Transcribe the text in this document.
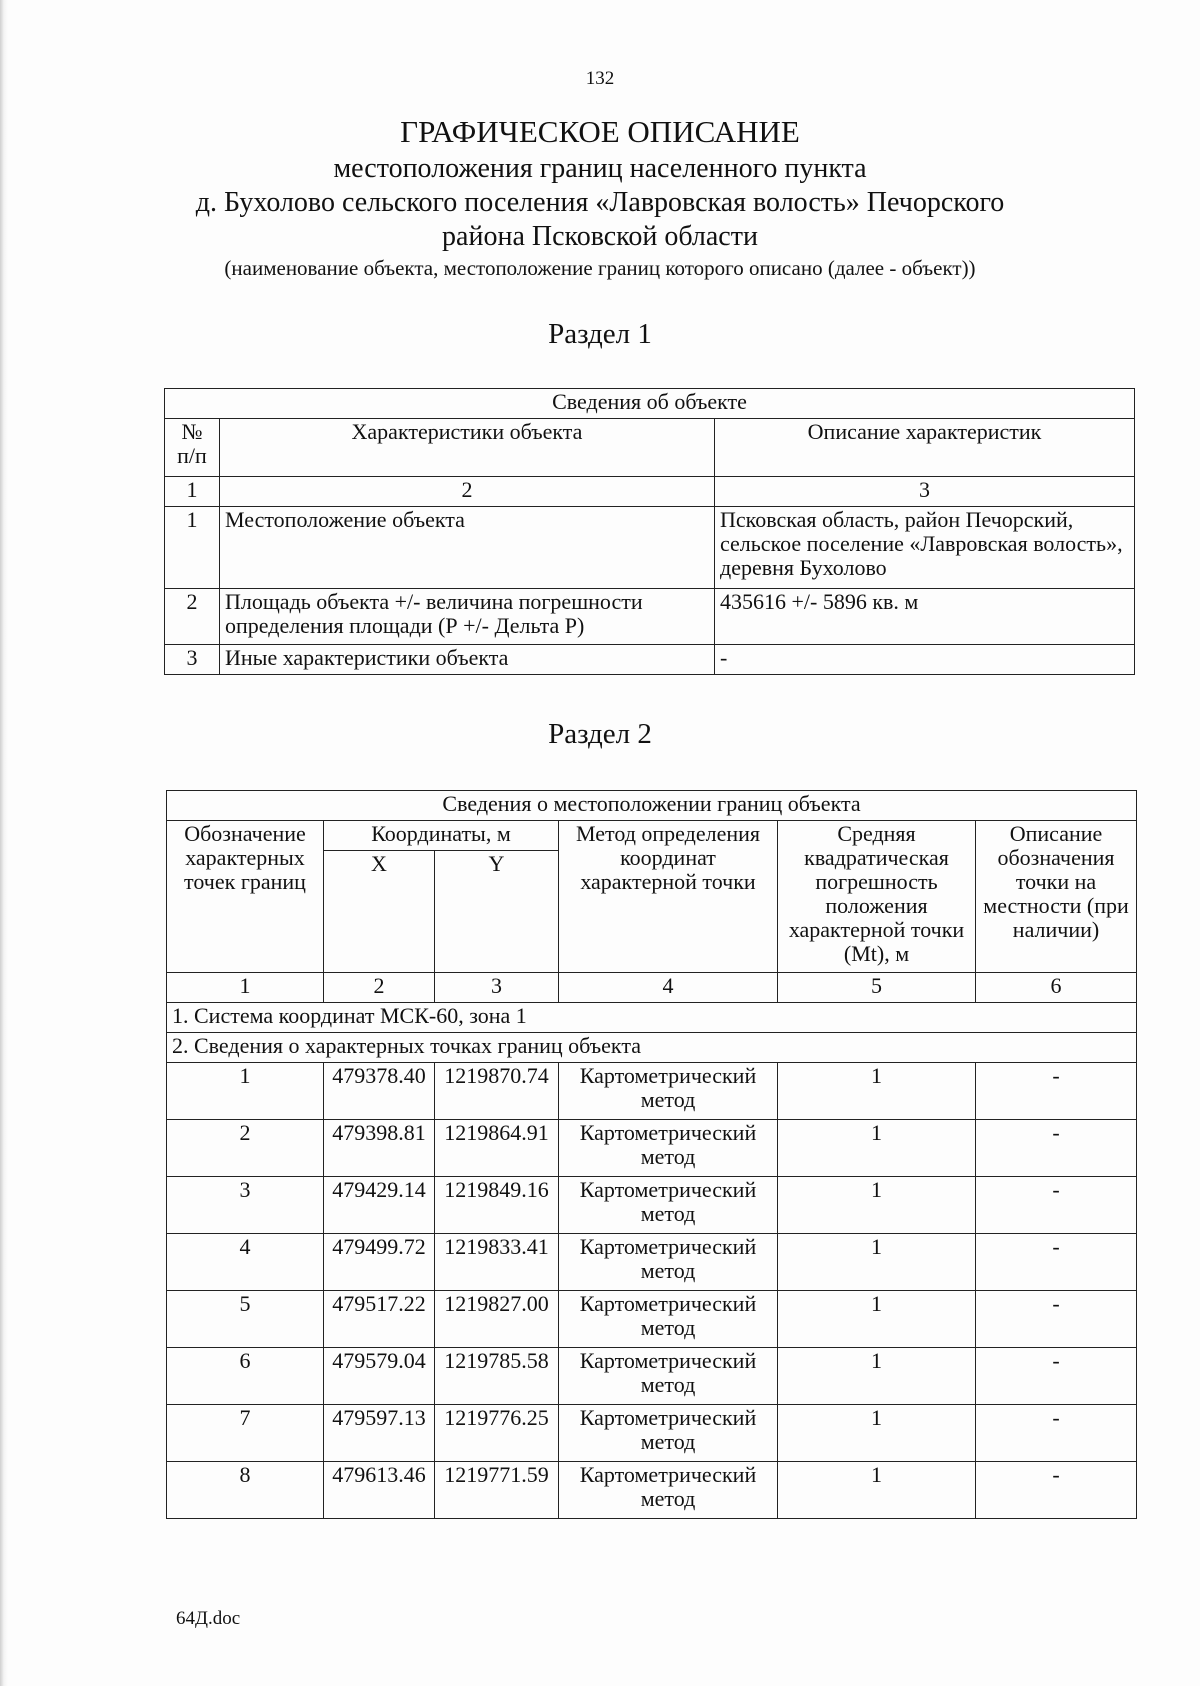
132
ГРАФИЧЕСКОЕ ОПИСАНИЕ
местоположения границ населенного пункта
д. Бухолово сельского поселения «Лавровская волость» Печорского
района Псковской области
(наименование объекта, местоположение границ которого описано (далее - объект))
Раздел 1
Сведения об объекте		
№ п/п	Характеристики объекта	Описание характеристик
1	2	3
1	Местоположение объекта	Псковская область, район Печорский, сельское поселение «Лавровская волость», деревня Бухолово
2	Площадь объекта +/- величина погрешности определения площади (Р +/- Дельта Р)	435616 +/- 5896 кв. м
3	Иные характеристики объекта	-
Раздел 2
Сведения о местоположении границ объекта					
Обозначение характерных точек границ	Координаты, м		Метод определения координат характерной точки	Средняя квадратическая погрешность положения характерной точки (Mt), м	Описание обозначения точки на местности (при наличии)
	X	Y			
1	2	3	4	5	6
1. Система координат МСК-60, зона 1					
2. Сведения о характерных точках границ объекта					
1	479378.40	1219870.74	Картометрический метод	1	-
2	479398.81	1219864.91	Картометрический метод	1	-
3	479429.14	1219849.16	Картометрический метод	1	-
4	479499.72	1219833.41	Картометрический метод	1	-
5	479517.22	1219827.00	Картометрический метод	1	-
6	479579.04	1219785.58	Картометрический метод	1	-
7	479597.13	1219776.25	Картометрический метод	1	-
8	479613.46	1219771.59	Картометрический метод	1	-
64Д.doc
